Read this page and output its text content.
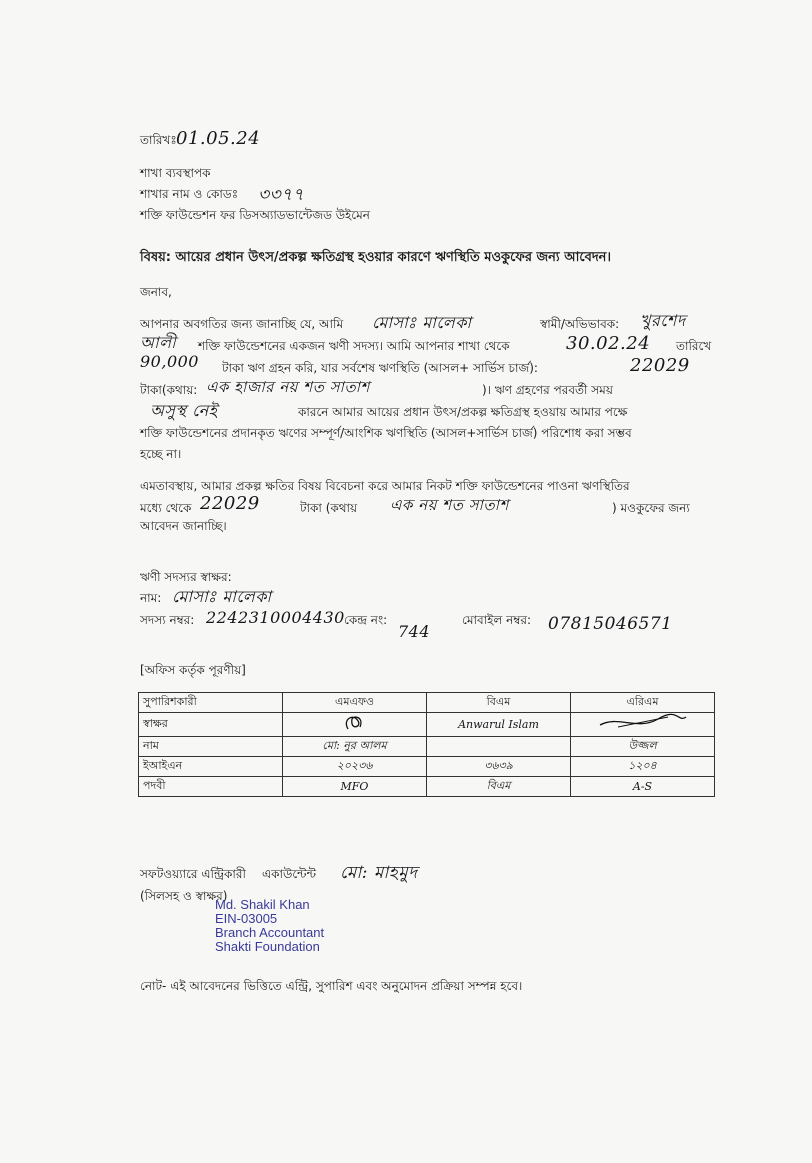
তারিখঃ 01.05.24
শাখা ব্যবস্থাপক
শাখার নাম ও কোডঃ ৩৩৭৭
শক্তি ফাউন্ডেশন ফর ডিসঅ্যাডভান্টেজড উইমেন
বিষয়: আয়ের প্রধান উৎস/প্রকল্প ক্ষতিগ্রস্থ হওয়ার কারণে ঋণস্থিতি মওকুফের জন্য আবেদন।
জনাব,
আপনার অবগতির জন্য জানাচ্ছি যে, আমি মোসাঃ মালেকা	স্বামী/অভিভাবক: খুরশেদ
আলী শক্তি ফাউন্ডেশনের একজন ঋণী সদস্য। আমি আপনার শাখা থেকে	30.02.24 তারিখে
90,000 টাকা ঋণ গ্রহন করি, যার সর্বশেষ ঋণস্থিতি (আসল+ সার্ভিস চার্জ):	22029
টাকা(কথায়: এক হাজার নয় শত সাতাশ	)। ঋণ গ্রহণের পরবর্তী সময়
অসুস্থ নেই	কারনে আমার আয়ের প্রধান উৎস/প্রকল্প ক্ষতিগ্রস্থ হওয়ায় আমার পক্ষে
শক্তি ফাউন্ডেশনের প্রদানকৃত ঋণের সম্পূর্ণ/আংশিক ঋণস্থিতি (আসল+সার্ভিস চার্জ) পরিশোধ করা সম্ভব
হচ্ছে না।
এমতাবস্থায়, আমার প্রকল্প ক্ষতির বিষয় বিবেচনা করে আমার নিকট শক্তি ফাউন্ডেশনের পাওনা ঋণস্থিতির
মধ্যে থেকে 22029	টাকা (কথায় এক নয় শত সাতাশ	) মওকুফের জন্য
আবেদন জানাচ্ছি।
ঋণী সদস্যর স্বাক্ষর:
নাম: মোসাঃ মালেকা
সদস্য নম্বর: 2242310004430 কেন্দ্র নং:
744
মোবাইল নম্বর: 07815046571
[অফিস কর্তৃক পূরণীয়]
সুপারিশকারী	এমএফও	বিএম	এরিএম
স্বাক্ষর		Anwarul Islam	
নাম	মো: নুর আলম		উজ্জল
ইআইএন	২০২৩৬	৩৬৩৯	১২০৪
পদবী	MFO	বিএম	A-S
সফটওয়্যারে এন্ট্রিকারী একাউন্টেন্ট মো: মাহমুদ
(সিলসহ ও স্বাক্ষর)
Md. Shakil Khan
EIN-03005
Branch Accountant
Shakti Foundation
নোট- এই আবেদনের ভিত্তিতে এন্ট্রি, সুপারিশ এবং অনুমোদন প্রক্রিয়া সম্পন্ন হবে।
